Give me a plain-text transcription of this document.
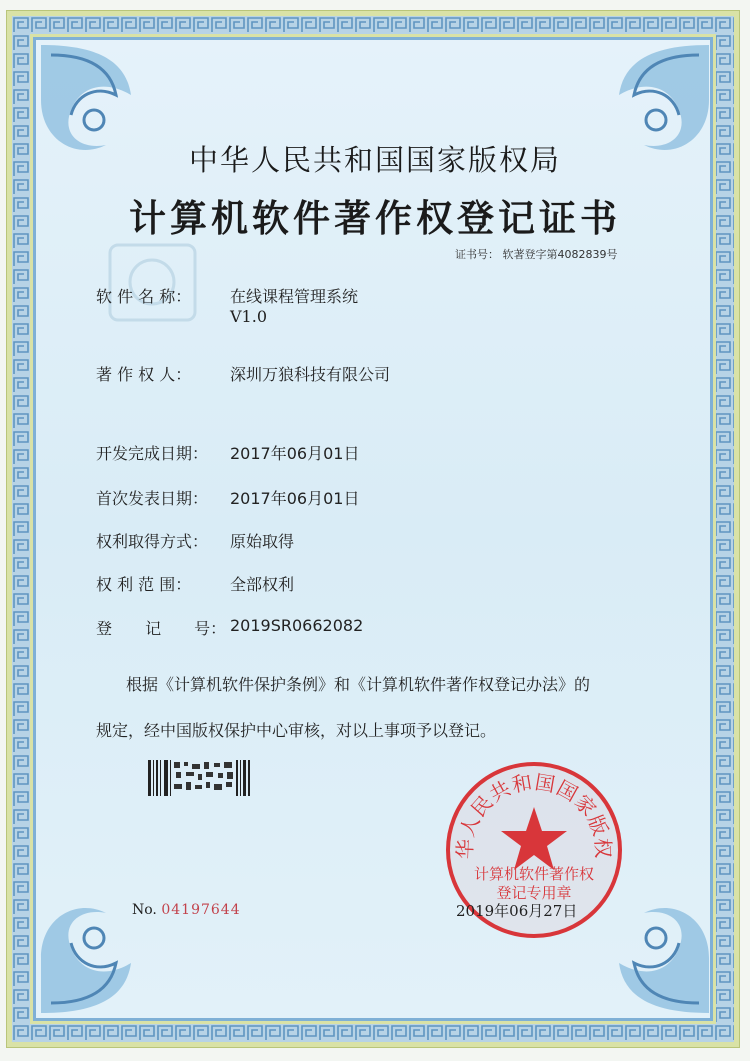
中华人民共和国国家版权局
计算机软件著作权登记证书
证书号： 软著登字第4082839号
软 件 名 称： 在线课程管理系统
V1.0
著 作 权 人： 深圳万狼科技有限公司
开发完成日期： 2017年06月01日
首次发表日期： 2017年06月01日
权利取得方式： 原始取得
权 利 范 围： 全部权利
登 记 号： 2019SR0662082
根据《计算机软件保护条例》和《计算机软件著作权登记办法》的
规定，经中国版权保护中心审核，对以上事项予以登记。
No. 04197644
华人民共和国国家版权
计算机软件著作权
登记专用章
2019年06月27日
